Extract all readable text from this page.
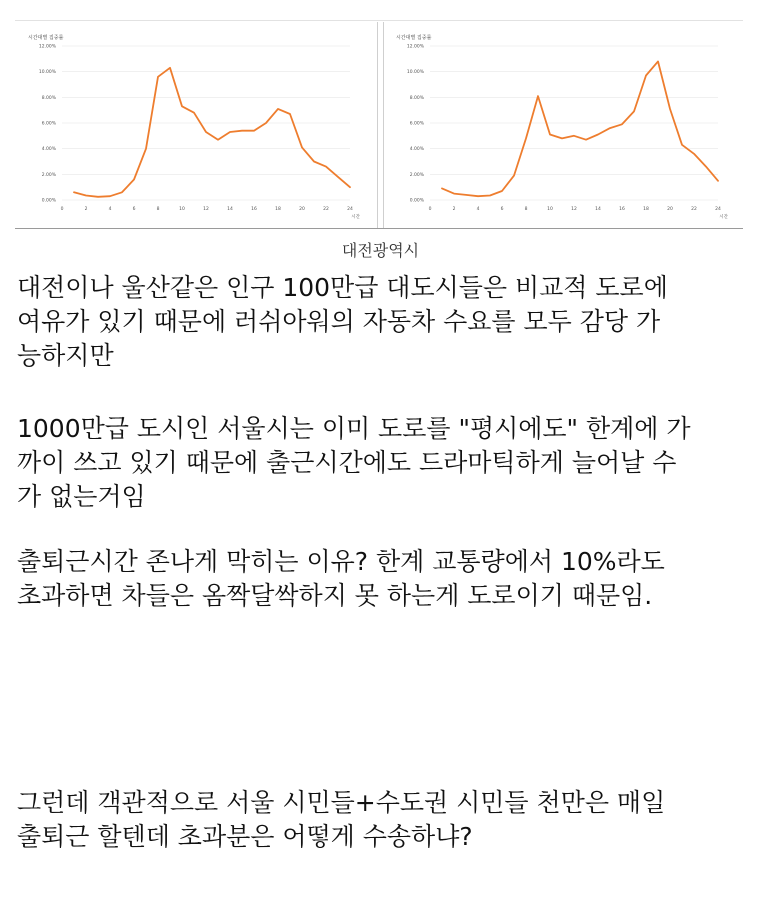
시간대별 집중률
0.00%
2.00%
4.00%
6.00%
8.00%
10.00%
12.00%
0	2	4	6	8	10	12	14	16	18	20	22	24
시간
시간대별 집중률
0.00%
2.00%
4.00%
6.00%
8.00%
10.00%
12.00%
0	2	4	6	8	10	12	14	16	18	20	22	24
시간
대전광역시

대전이나 울산같은 인구 100만급 대도시들은 비교적 도로에
여유가 있기 때문에 러쉬아워의 자동차 수요를 모두 감당 가
능하지만

1000만급 도시인 서울시는 이미 도로를 "평시에도" 한계에 가
까이 쓰고 있기 때문에 출근시간에도 드라마틱하게 늘어날 수
가 없는거임

출퇴근시간 존나게 막히는 이유? 한계 교통량에서 10%라도
초과하면 차들은 옴짝달싹하지 못 하는게 도로이기 때문임.

그런데 객관적으로 서울 시민들+수도권 시민들 천만은 매일
출퇴근 할텐데 초과분은 어떻게 수송하냐?
